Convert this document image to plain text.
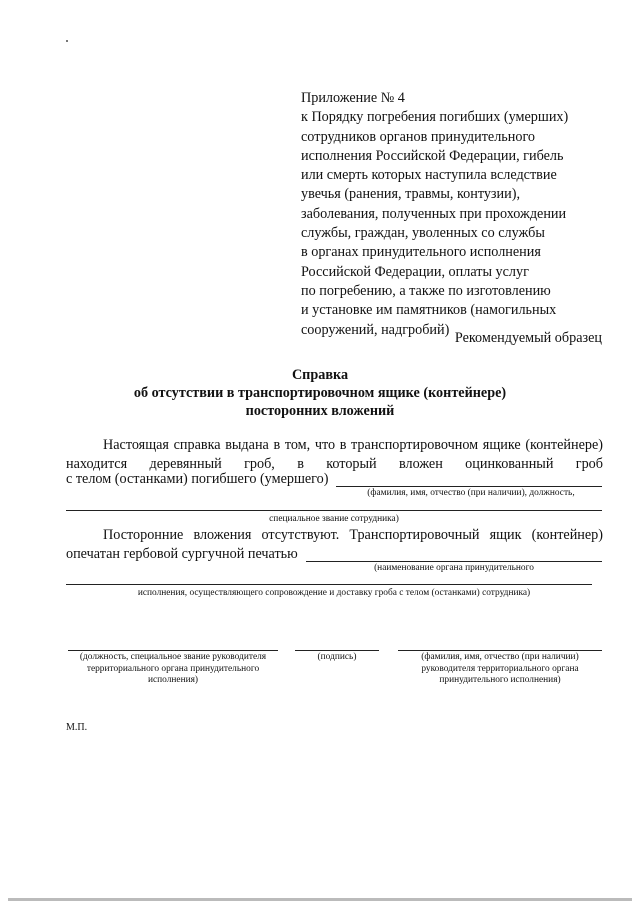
Приложение № 4
к Порядку погребения погибших (умерших)
сотрудников органов принудительного
исполнения Российской Федерации, гибель
или смерть которых наступила вследствие
увечья (ранения, травмы, контузии),
заболевания, полученных при прохождении
службы, граждан, уволенных со службы
в органах принудительного исполнения
Российской Федерации, оплаты услуг
по погребению, а также по изготовлению
и установке им памятников (намогильных
сооружений, надгробий)
Рекомендуемый образец
Справка
об отсутствии в транспортировочном ящике (контейнере)
посторонних вложений
Настоящая справка выдана в том, что в транспортировочном ящике (контейнере) находится деревянный гроб, в который вложен оцинкованный гроб
с телом (останками) погибшего (умершего)
(фамилия, имя, отчество (при наличии), должность,
специальное звание сотрудника)
Посторонние вложения отсутствуют. Транспортировочный ящик (контейнер)
опечатан гербовой сургучной печатью
(наименование органа принудительного
исполнения, осуществляющего сопровождение и доставку гроба с телом (останками) сотрудника)
(должность, специальное звание руководителя
территориального органа принудительного
исполнения)
(подпись)	(фамилия, имя, отчество (при наличии)
руководителя территориального органа
принудительного исполнения)
М.П.
